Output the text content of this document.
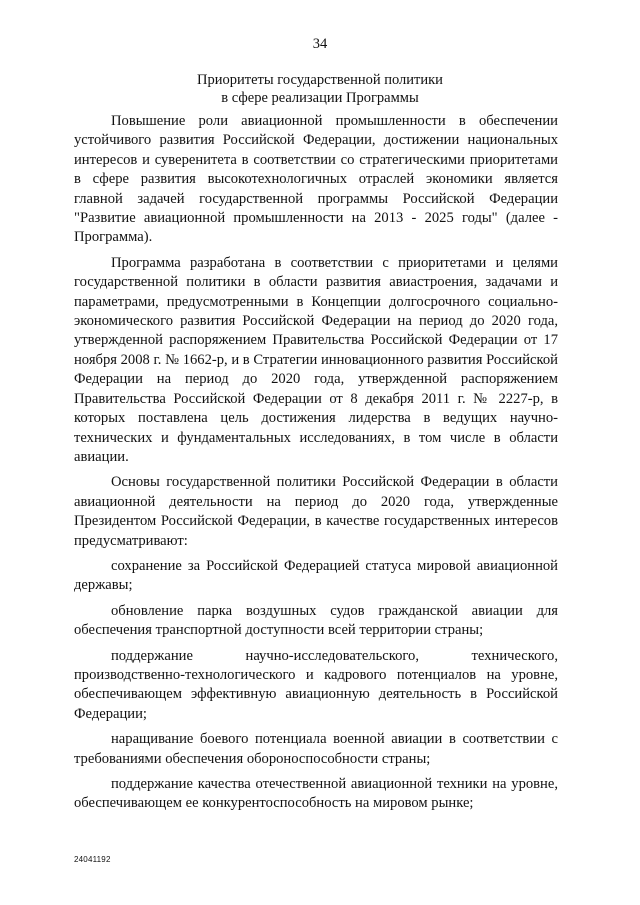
34
Приоритеты государственной политики
в сфере реализации Программы

Повышение роли авиационной промышленности в обеспечении устойчивого развития Российской Федерации, достижении национальных интересов и суверенитета в соответствии со стратегическими приоритетами в сфере развития высокотехнологичных отраслей экономики является главной задачей государственной программы Российской Федерации "Развитие авиационной промышленности на 2013 - 2025 годы" (далее - Программа).

Программа разработана в соответствии с приоритетами и целями государственной политики в области развития авиастроения, задачами и параметрами, предусмотренными в Концепции долгосрочного социально-экономического развития Российской Федерации на период до 2020 года, утвержденной распоряжением Правительства Российской Федерации от 17 ноября 2008 г. № 1662-р, и в Стратегии инновационного развития Российской Федерации на период до 2020 года, утвержденной распоряжением Правительства Российской Федерации от 8 декабря 2011 г. № 2227-р, в которых поставлена цель достижения лидерства в ведущих научно-технических и фундаментальных исследованиях, в том числе в области авиации.

Основы государственной политики Российской Федерации в области авиационной деятельности на период до 2020 года, утвержденные Президентом Российской Федерации, в качестве государственных интересов предусматривают:

сохранение за Российской Федерацией статуса мировой авиационной державы;

обновление парка воздушных судов гражданской авиации для обеспечения транспортной доступности всей территории страны;

поддержание научно-исследовательского, технического, производственно-технологического и кадрового потенциалов на уровне, обеспечивающем эффективную авиационную деятельность в Российской Федерации;

наращивание боевого потенциала военной авиации в соответствии с требованиями обеспечения обороноспособности страны;

поддержание качества отечественной авиационной техники на уровне, обеспечивающем ее конкурентоспособность на мировом рынке;

24041192
